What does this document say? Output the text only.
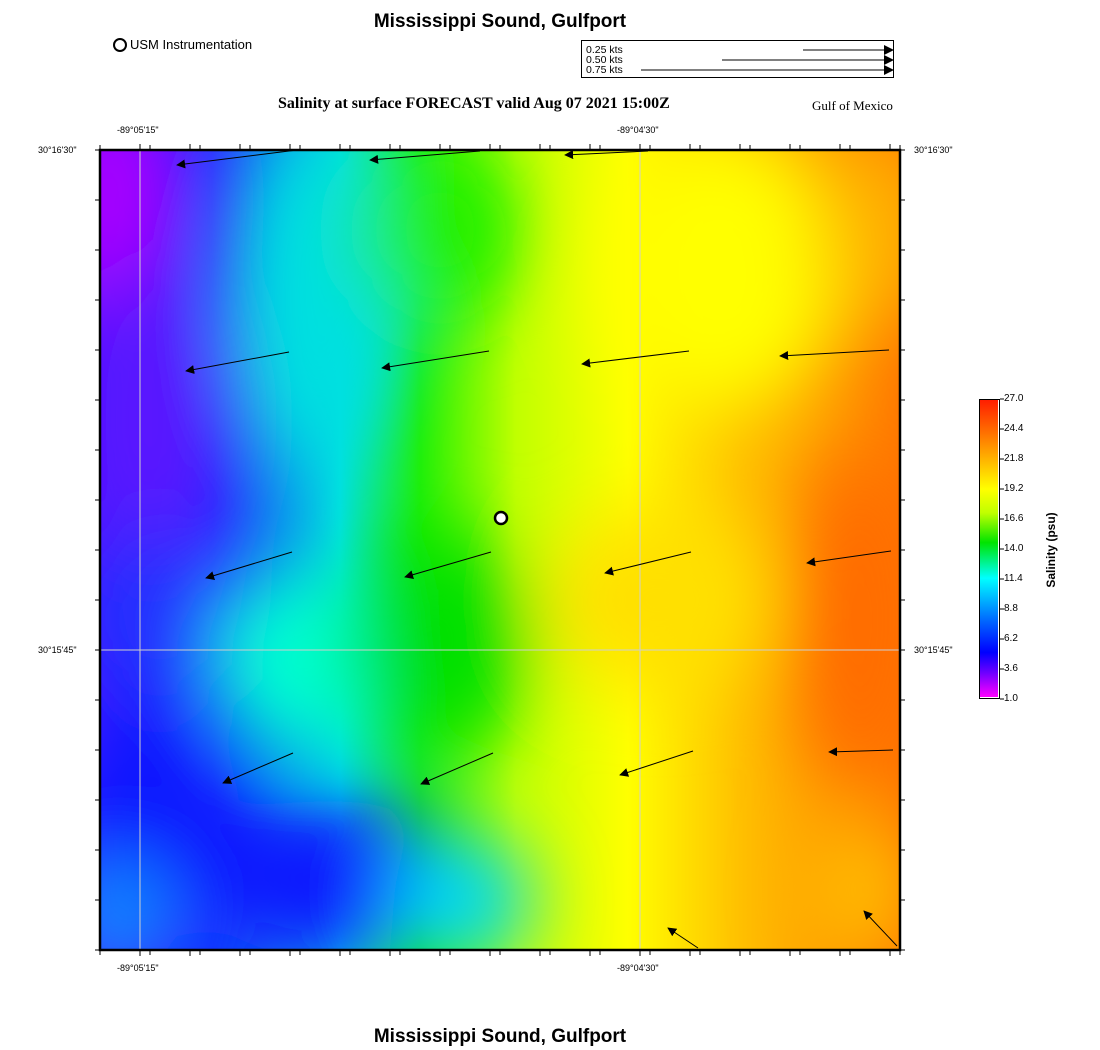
Mississippi Sound, Gulfport
USM Instrumentation	0.25 kts
0.50 kts
0.75 kts
Salinity at surface FORECAST valid Aug 07 2021 15:00Z	Gulf of Mexico
-89°05'15"	-89°04'30"
-89°05'15"	-89°04'30"
30°16'30"
30°15'45"
30°16'30"
30°15'45"
27.0
24.4
21.8
19.2
16.6
14.0
11.4
8.8
6.2
3.6
1.0
Salinity (psu)
Mississippi Sound, Gulfport
